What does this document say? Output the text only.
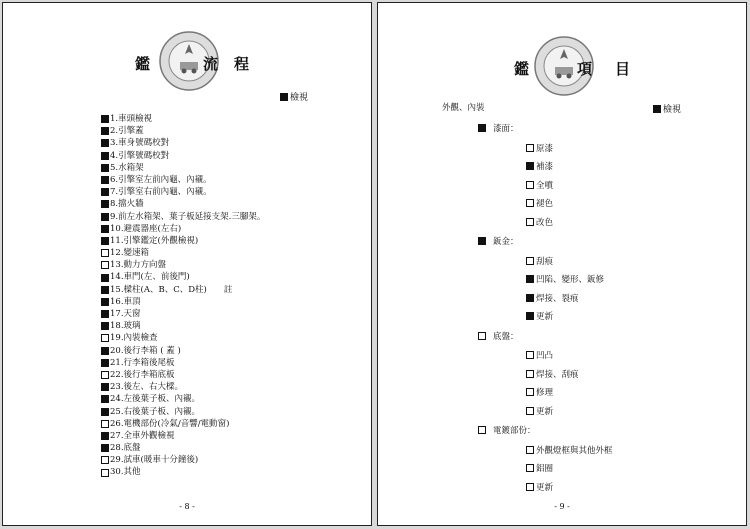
鑑	流 程
檢視
1.車頭檢視
2.引擎蓋
3.車身號碼校對
4.引擎號碼校對
5.水箱架
6.引擎室左前內龜、內襯。
7.引擎室右前內龜、內襯。
8.擋火牆
9.前左水箱架、葉子板延接支架.三腳架。
10.避震器座(左右)
11.引擎鑑定(外觀檢視)
12.變速箱
13.動力方向盤
14.車門(左、前後門)
15.樑柱(A、B、C、D柱)　　註
16.車頂
17.天窗
18.玻璃
19.內裝檢查
20.後行李箱 ( 蓋 )
21.行李箱後尾板
22.後行李箱底板
23.後左、右大樑。
24.左後葉子板、內襯。
25.右後葉子板、內襯。
26.電機部份(冷氣/音響/電動窗)
27.全車外觀檢視
28.底盤
29.試車(暖車十分鐘後)
30.其他
- 8 -
鑑	項 目
外觀、內裝	檢視
漆面：
原漆
補漆
全噴
褪色
改色
鈑金：
刮痕
凹陷、變形、鈑修
焊接、裂痕
更新
底盤：
凹凸
焊接、刮痕
修理
更新
電鍍部份：
外觀燈框與其他外框
鋁圈
更新
- 9 -
